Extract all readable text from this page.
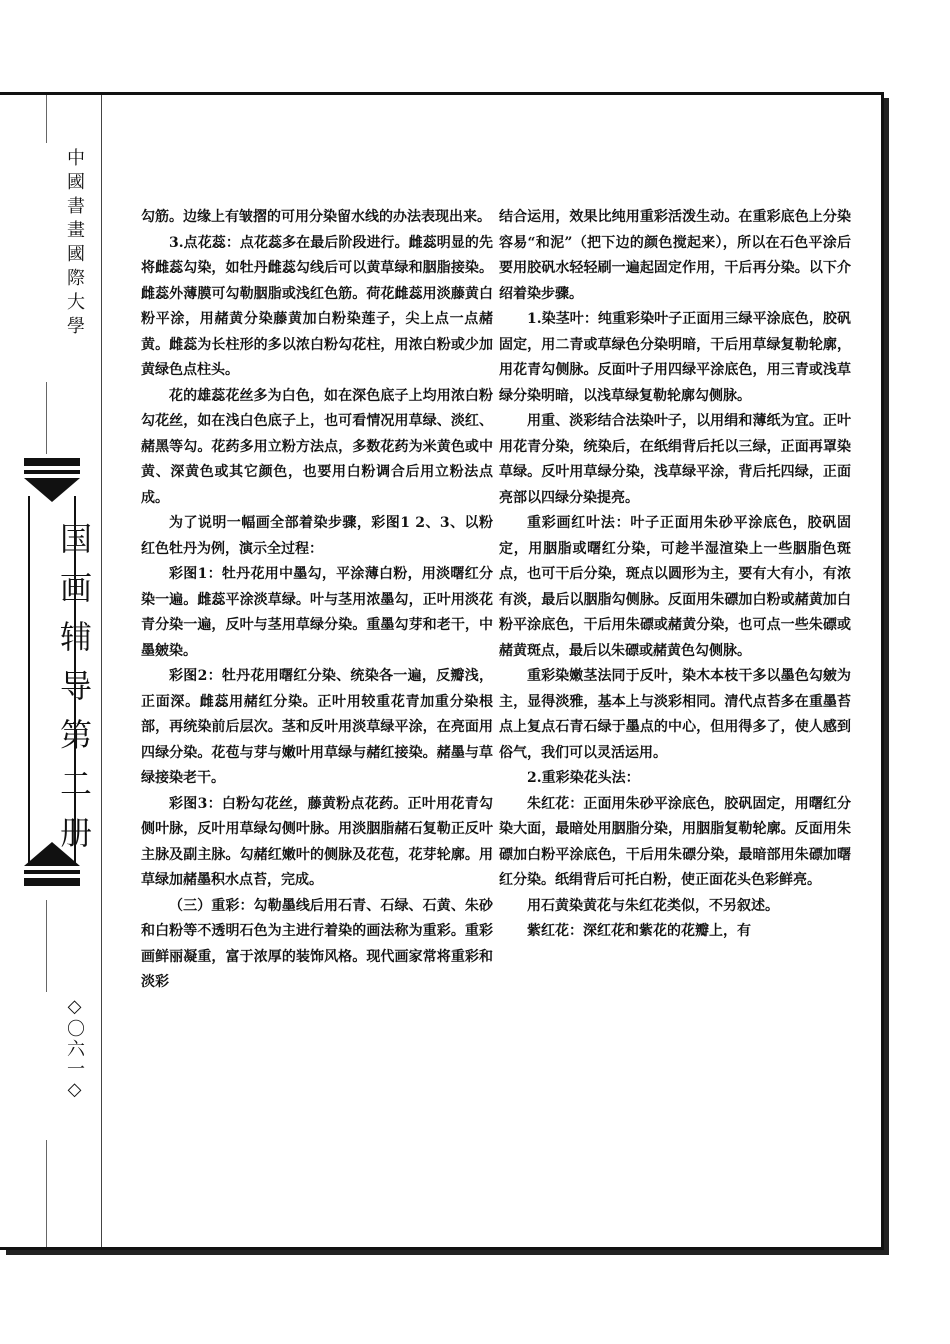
中國書畫國際大學
国画辅导第二册
◇〇六一◇

勾筋。边缘上有皱摺的可用分染留水线的办法表现出来。

3.点花蕊：点花蕊多在最后阶段进行。雌蕊明显的先将雌蕊勾染，如牡丹雌蕊勾线后可以黄草绿和胭脂接染。雌蕊外薄膜可勾勒胭脂或浅红色筋。荷花雌蕊用淡藤黄白粉平涂，用赭黄分染藤黄加白粉染莲子，尖上点一点赭黄。雌蕊为长柱形的多以浓白粉勾花柱，用浓白粉或少加黄绿色点柱头。

花的雄蕊花丝多为白色，如在深色底子上均用浓白粉勾花丝，如在浅白色底子上，也可看情况用草绿、淡红、赭黑等勾。花药多用立粉方法点，多数花药为米黄色或中黄、深黄色或其它颜色，也要用白粉调合后用立粉法点成。

为了说明一幅画全部着染步骤，彩图1 2、3、以粉红色牡丹为例，演示全过程：

彩图1：牡丹花用中墨勾，平涂薄白粉，用淡曙红分染一遍。雌蕊平涂淡草绿。叶与茎用浓墨勾，正叶用淡花青分染一遍，反叶与茎用草绿分染。重墨勾芽和老干，中墨皴染。

彩图2：牡丹花用曙红分染、统染各一遍，反瓣浅，正面深。雌蕊用赭红分染。正叶用较重花青加重分染根部，再统染前后层次。茎和反叶用淡草绿平涂，在亮面用四绿分染。花苞与芽与嫩叶用草绿与赭红接染。赭墨与草绿接染老干。

彩图3：白粉勾花丝，藤黄粉点花药。正叶用花青勾侧叶脉，反叶用草绿勾侧叶脉。用淡胭脂赭石复勒正反叶主脉及副主脉。勾赭红嫩叶的侧脉及花苞，花芽轮廓。用草绿加赭墨积水点苔，完成。

（三）重彩：勾勒墨线后用石青、石绿、石黄、朱砂和白粉等不透明石色为主进行着染的画法称为重彩。重彩画鲜丽凝重，富于浓厚的装饰风格。现代画家常将重彩和淡彩

结合运用，效果比纯用重彩活泼生动。在重彩底色上分染容易“和泥”（把下边的颜色搅起来），所以在石色平涂后要用胶矾水轻轻刷一遍起固定作用，干后再分染。以下介绍着染步骤。

1.染茎叶：纯重彩染叶子正面用三绿平涂底色，胶矾固定，用二青或草绿色分染明暗，干后用草绿复勒轮廓，用花青勾侧脉。反面叶子用四绿平涂底色，用三青或浅草绿分染明暗，以浅草绿复勒轮廓勾侧脉。

用重、淡彩结合法染叶子，以用绢和薄纸为宜。正叶用花青分染，统染后，在纸绢背后托以三绿，正面再罩染草绿。反叶用草绿分染，浅草绿平涂，背后托四绿，正面亮部以四绿分染提亮。

重彩画红叶法：叶子正面用朱砂平涂底色，胶矾固定，用胭脂或曙红分染，可趁半湿渲染上一些胭脂色斑点，也可干后分染，斑点以圆形为主，要有大有小，有浓有淡，最后以胭脂勾侧脉。反面用朱磦加白粉或赭黄加白粉平涂底色，干后用朱磦或赭黄分染，也可点一些朱磦或赭黄斑点，最后以朱磦或赭黄色勾侧脉。

重彩染嫩茎法同于反叶，染木本枝干多以墨色勾皴为主，显得淡雅，基本上与淡彩相同。清代点苔多在重墨苔点上复点石青石绿于墨点的中心，但用得多了，使人感到俗气，我们可以灵活运用。

2.重彩染花头法：

朱红花：正面用朱砂平涂底色，胶矾固定，用曙红分染大面，最暗处用胭脂分染，用胭脂复勒轮廓。反面用朱磦加白粉平涂底色，干后用朱磦分染，最暗部用朱磦加曙红分染。纸绢背后可托白粉，使正面花头色彩鲜亮。

用石黄染黄花与朱红花类似，不另叙述。

紫红花：深红花和紫花的花瓣上，有
